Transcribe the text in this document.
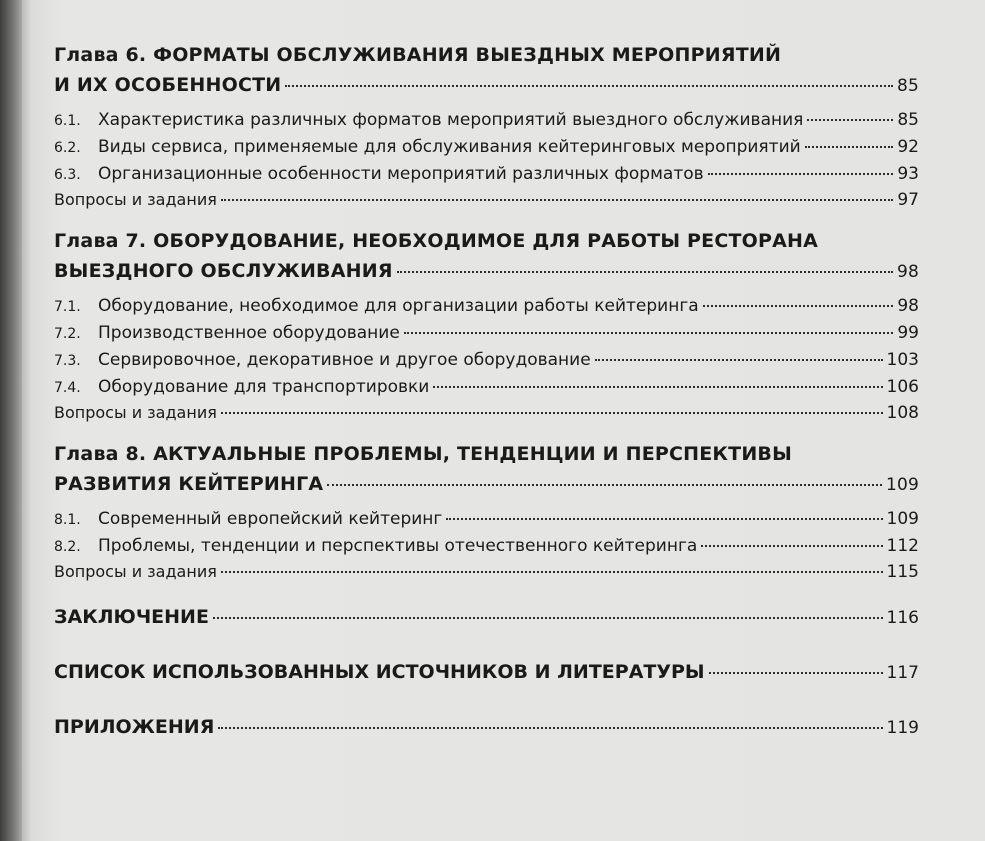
Глава 6. ФОРМАТЫ ОБСЛУЖИВАНИЯ ВЫЕЗДНЫХ МЕРОПРИЯТИЙ
И ИХ ОСОБЕННОСТИ	85
6.1.	Характеристика различных форматов мероприятий выездного обслуживания	85
6.2.	Виды сервиса, применяемые для обслуживания кейтеринговых мероприятий	92
6.3.	Организационные особенности мероприятий различных форматов	93
Вопросы и задания	97
Глава 7. ОБОРУДОВАНИЕ, НЕОБХОДИМОЕ ДЛЯ РАБОТЫ РЕСТОРАНА
ВЫЕЗДНОГО ОБСЛУЖИВАНИЯ	98
7.1.	Оборудование, необходимое для организации работы кейтеринга	98
7.2.	Производственное оборудование	99
7.3.	Сервировочное, декоративное и другое оборудование	103
7.4.	Оборудование для транспортировки	106
Вопросы и задания	108
Глава 8. АКТУАЛЬНЫЕ ПРОБЛЕМЫ, ТЕНДЕНЦИИ И ПЕРСПЕКТИВЫ
РАЗВИТИЯ КЕЙТЕРИНГА	109
8.1.	Современный европейский кейтеринг	109
8.2.	Проблемы, тенденции и перспективы отечественного кейтеринга	112
Вопросы и задания	115
ЗАКЛЮЧЕНИЕ	116
СПИСОК ИСПОЛЬЗОВАННЫХ ИСТОЧНИКОВ И ЛИТЕРАТУРЫ	117
ПРИЛОЖЕНИЯ	119
